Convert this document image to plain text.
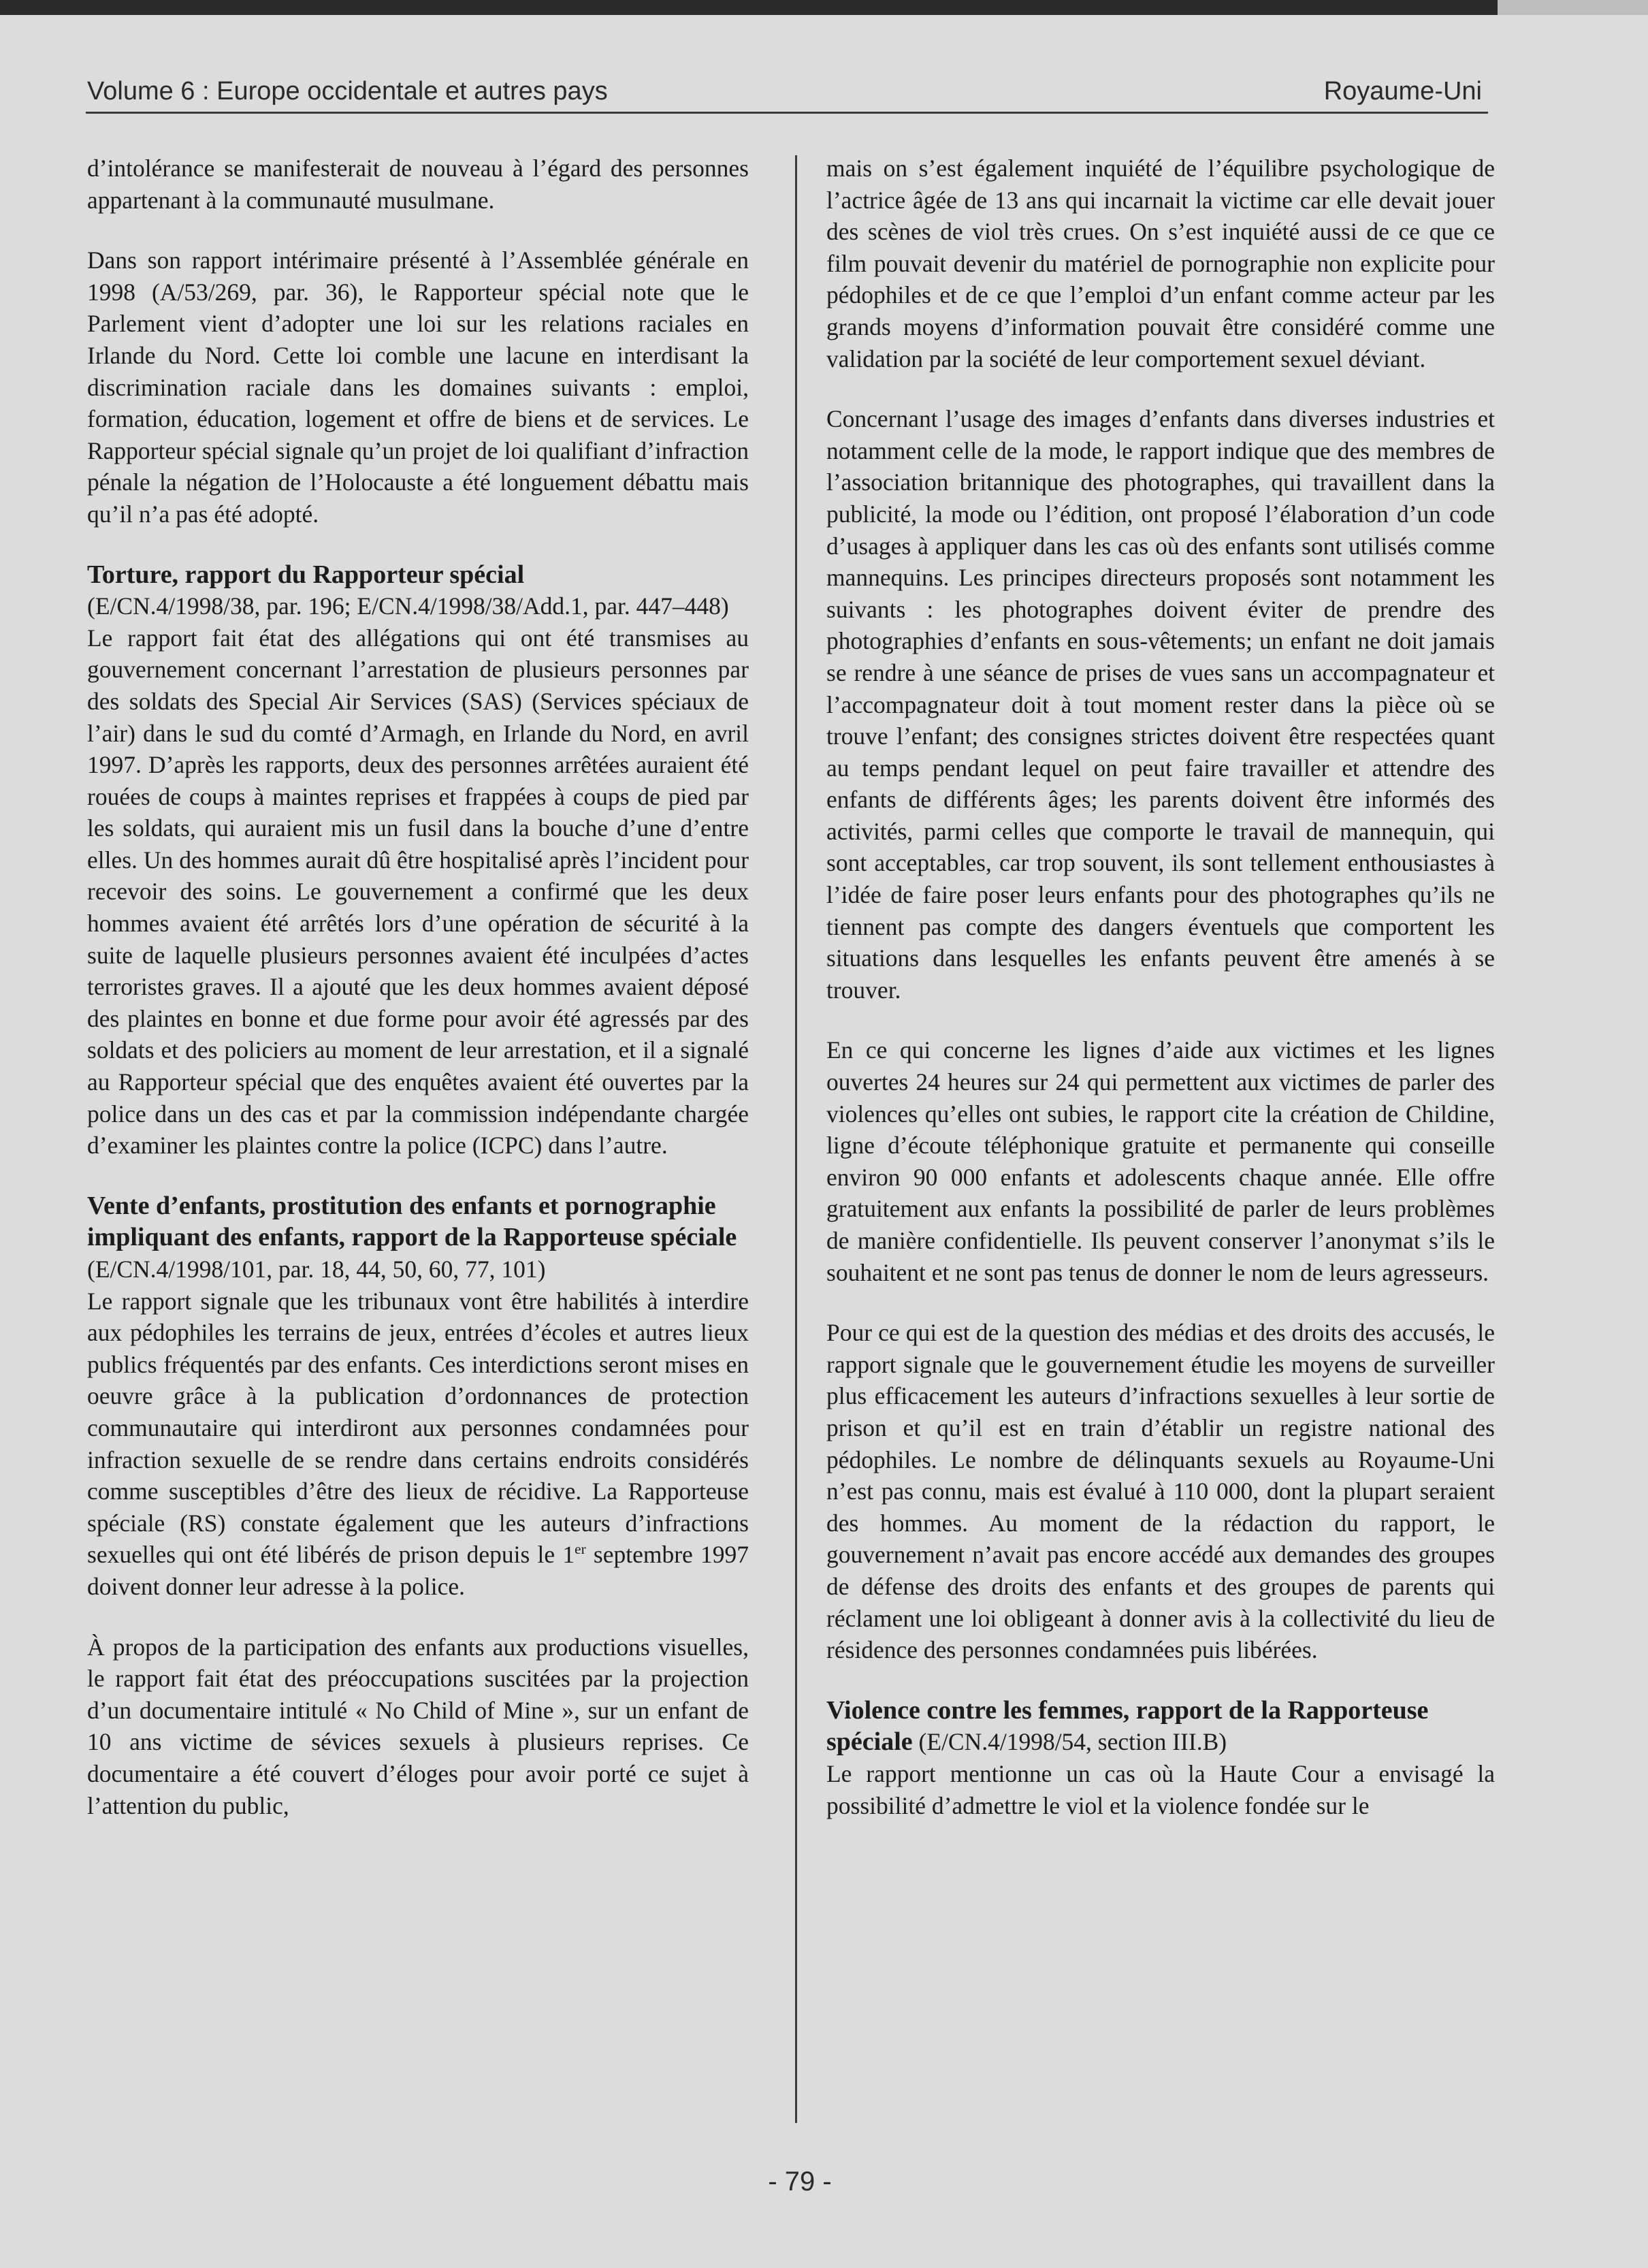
Volume 6 : Europe occidentale et autres pays	Royaume-Uni

d’intolérance se manifesterait de nouveau à l’égard des personnes appartenant à la communauté musulmane.

Dans son rapport intérimaire présenté à l’Assemblée générale en 1998 (A/53/269, par. 36), le Rapporteur spécial note que le Parlement vient d’adopter une loi sur les relations raciales en Irlande du Nord. Cette loi comble une lacune en interdisant la discrimination raciale dans les domaines suivants : emploi, formation, éducation, logement et offre de biens et de services. Le Rapporteur spécial signale qu’un projet de loi qualifiant d’infraction pénale la négation de l’Holocauste a été longuement débattu mais qu’il n’a pas été adopté.

Torture, rapport du Rapporteur spécial
(E/CN.4/1998/38, par. 196; E/CN.4/1998/38/Add.1, par. 447–448)

Le rapport fait état des allégations qui ont été transmises au gouvernement concernant l’arrestation de plusieurs personnes par des soldats des Special Air Services (SAS) (Services spéciaux de l’air) dans le sud du comté d’Armagh, en Irlande du Nord, en avril 1997. D’après les rapports, deux des personnes arrêtées auraient été rouées de coups à maintes reprises et frappées à coups de pied par les soldats, qui auraient mis un fusil dans la bouche d’une d’entre elles. Un des hommes aurait dû être hospitalisé après l’incident pour recevoir des soins. Le gouvernement a confirmé que les deux hommes avaient été arrêtés lors d’une opération de sécurité à la suite de laquelle plusieurs personnes avaient été inculpées d’actes terroristes graves. Il a ajouté que les deux hommes avaient déposé des plaintes en bonne et due forme pour avoir été agressés par des soldats et des policiers au moment de leur arrestation, et il a signalé au Rapporteur spécial que des enquêtes avaient été ouvertes par la police dans un des cas et par la commission indépendante chargée d’examiner les plaintes contre la police (ICPC) dans l’autre.

Vente d’enfants, prostitution des enfants et pornographie impliquant des enfants, rapport de la Rapporteuse spéciale (E/CN.4/1998/101, par. 18, 44, 50, 60, 77, 101)

Le rapport signale que les tribunaux vont être habilités à interdire aux pédophiles les terrains de jeux, entrées d’écoles et autres lieux publics fréquentés par des enfants. Ces interdictions seront mises en oeuvre grâce à la publication d’ordonnances de protection communautaire qui interdiront aux personnes condamnées pour infraction sexuelle de se rendre dans certains endroits considérés comme susceptibles d’être des lieux de récidive. La Rapporteuse spéciale (RS) constate également que les auteurs d’infractions sexuelles qui ont été libérés de prison depuis le 1er septembre 1997 doivent donner leur adresse à la police.

À propos de la participation des enfants aux productions visuelles, le rapport fait état des préoccupations suscitées par la projection d’un documentaire intitulé « No Child of Mine », sur un enfant de 10 ans victime de sévices sexuels à plusieurs reprises. Ce documentaire a été couvert d’éloges pour avoir porté ce sujet à l’attention du public,

mais on s’est également inquiété de l’équilibre psychologique de l’actrice âgée de 13 ans qui incarnait la victime car elle devait jouer des scènes de viol très crues. On s’est inquiété aussi de ce que ce film pouvait devenir du matériel de pornographie non explicite pour pédophiles et de ce que l’emploi d’un enfant comme acteur par les grands moyens d’information pouvait être considéré comme une validation par la société de leur comportement sexuel déviant.

Concernant l’usage des images d’enfants dans diverses industries et notamment celle de la mode, le rapport indique que des membres de l’association britannique des photographes, qui travaillent dans la publicité, la mode ou l’édition, ont proposé l’élaboration d’un code d’usages à appliquer dans les cas où des enfants sont utilisés comme mannequins. Les principes directeurs proposés sont notamment les suivants : les photographes doivent éviter de prendre des photographies d’enfants en sous-vêtements; un enfant ne doit jamais se rendre à une séance de prises de vues sans un accompagnateur et l’accompagnateur doit à tout moment rester dans la pièce où se trouve l’enfant; des consignes strictes doivent être respectées quant au temps pendant lequel on peut faire travailler et attendre des enfants de différents âges; les parents doivent être informés des activités, parmi celles que comporte le travail de mannequin, qui sont acceptables, car trop souvent, ils sont tellement enthousiastes à l’idée de faire poser leurs enfants pour des photographes qu’ils ne tiennent pas compte des dangers éventuels que comportent les situations dans lesquelles les enfants peuvent être amenés à se trouver.

En ce qui concerne les lignes d’aide aux victimes et les lignes ouvertes 24 heures sur 24 qui permettent aux victimes de parler des violences qu’elles ont subies, le rapport cite la création de Childine, ligne d’écoute téléphonique gratuite et permanente qui conseille environ 90 000 enfants et adolescents chaque année. Elle offre gratuitement aux enfants la possibilité de parler de leurs problèmes de manière confidentielle. Ils peuvent conserver l’anonymat s’ils le souhaitent et ne sont pas tenus de donner le nom de leurs agresseurs.

Pour ce qui est de la question des médias et des droits des accusés, le rapport signale que le gouvernement étudie les moyens de surveiller plus efficacement les auteurs d’infractions sexuelles à leur sortie de prison et qu’il est en train d’établir un registre national des pédophiles. Le nombre de délinquants sexuels au Royaume-Uni n’est pas connu, mais est évalué à 110 000, dont la plupart seraient des hommes. Au moment de la rédaction du rapport, le gouvernement n’avait pas encore accédé aux demandes des groupes de défense des droits des enfants et des groupes de parents qui réclament une loi obligeant à donner avis à la collectivité du lieu de résidence des personnes condamnées puis libérées.

Violence contre les femmes, rapport de la Rapporteuse spéciale (E/CN.4/1998/54, section III.B)

Le rapport mentionne un cas où la Haute Cour a envisagé la possibilité d’admettre le viol et la violence fondée sur le

- 79 -
